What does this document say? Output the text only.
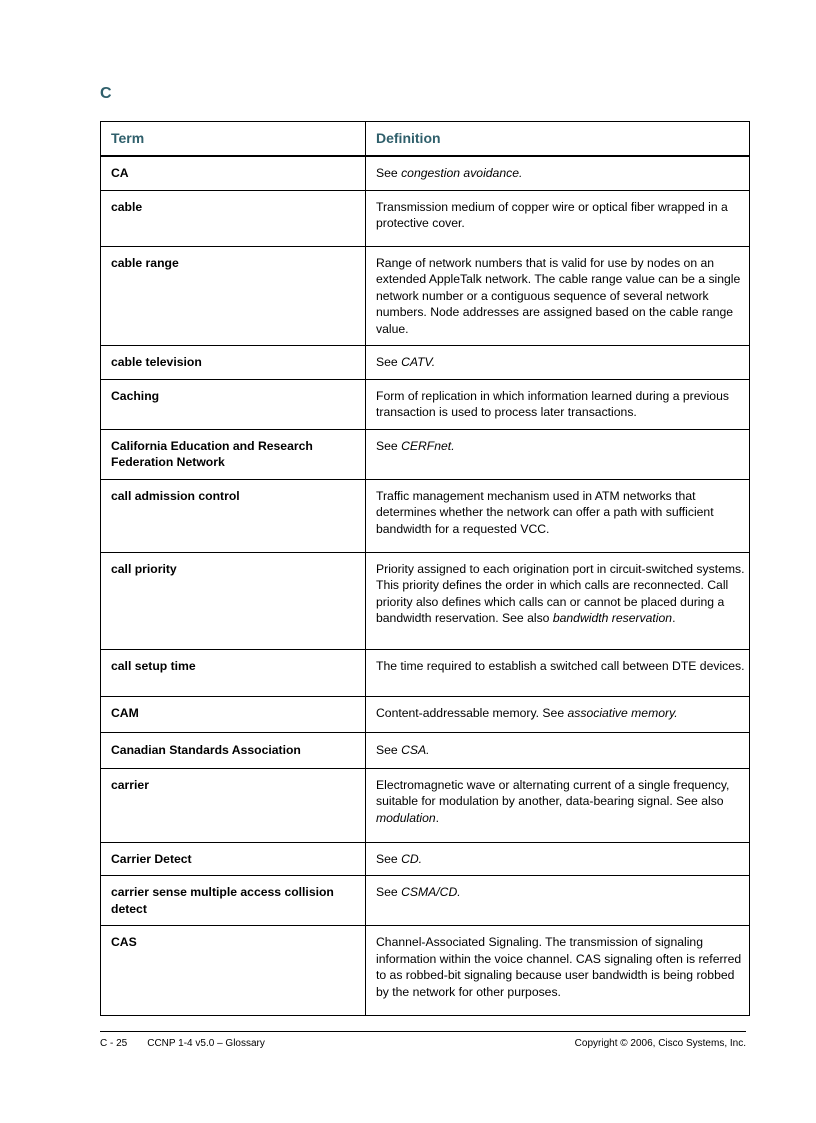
C
Term	Definition
CA	See congestion avoidance.
cable	Transmission medium of copper wire or optical fiber wrapped in a protective cover.
cable range	Range of network numbers that is valid for use by nodes on an extended AppleTalk network. The cable range value can be a single network number or a contiguous sequence of several network numbers. Node addresses are assigned based on the cable range value.
cable television	See CATV.
Caching	Form of replication in which information learned during a previous transaction is used to process later transactions.
California Education and Research Federation Network	See CERFnet.
call admission control	Traffic management mechanism used in ATM networks that determines whether the network can offer a path with sufficient bandwidth for a requested VCC.
call priority	Priority assigned to each origination port in circuit-switched systems. This priority defines the order in which calls are reconnected. Call priority also defines which calls can or cannot be placed during a bandwidth reservation. See also bandwidth reservation.
call setup time	The time required to establish a switched call between DTE devices.
CAM	Content-addressable memory. See associative memory.
Canadian Standards Association	See CSA.
carrier	Electromagnetic wave or alternating current of a single frequency, suitable for modulation by another, data-bearing signal. See also modulation.
Carrier Detect	See CD.
carrier sense multiple access collision detect	See CSMA/CD.
CAS	Channel-Associated Signaling. The transmission of signaling information within the voice channel. CAS signaling often is referred to as robbed-bit signaling because user bandwidth is being robbed by the network for other purposes.
C - 25 CCNP 1-4 v5.0 – Glossary	Copyright © 2006, Cisco Systems, Inc.
